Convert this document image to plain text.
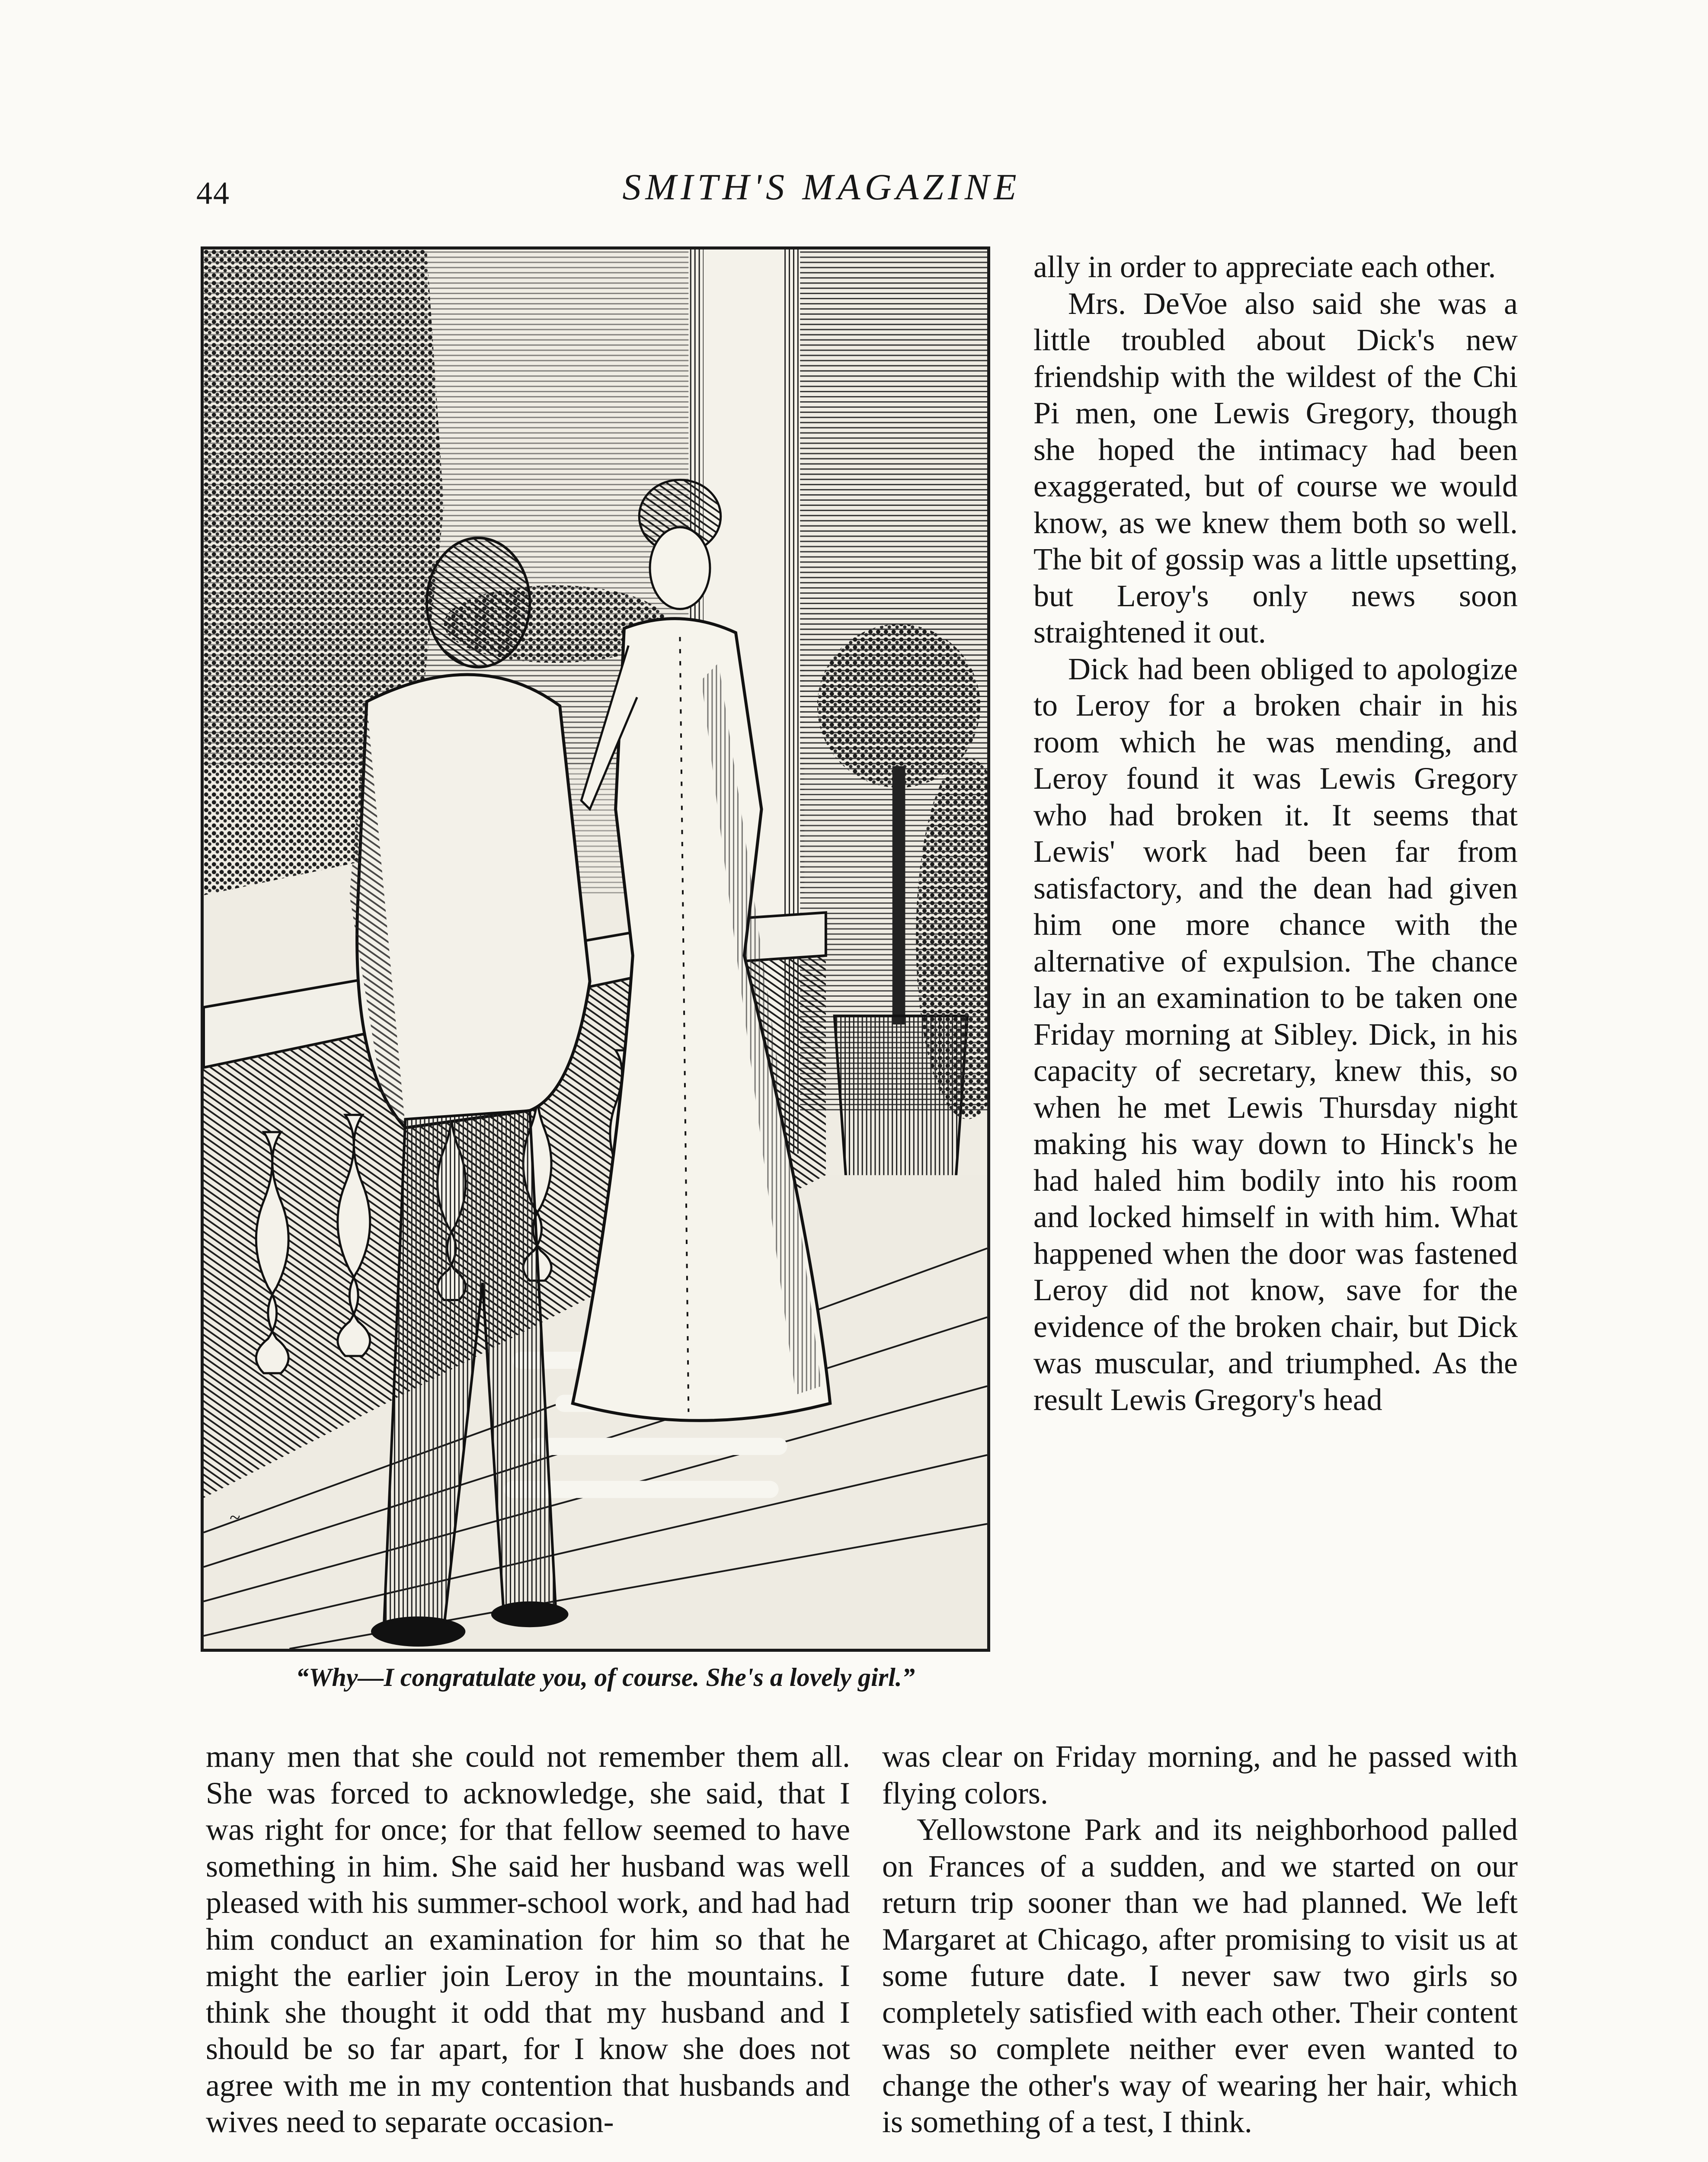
44	SMITH'S MAGAZINE
~
“Why—I congratulate you, of course. She's a lovely girl.”

ally in order to appreciate each other.

Mrs. DeVoe also said she was a little troubled about Dick's new friendship with the wildest of the Chi Pi men, one Lewis Gregory, though she hoped the intimacy had been exaggerated, but of course we would know, as we knew them both so well. The bit of gossip was a little upsetting, but Leroy's only news soon straightened it out.

Dick had been obliged to apologize to Leroy for a broken chair in his room which he was mending, and Leroy found it was Lewis Gregory who had broken it. It seems that Lewis' work had been far from satisfactory, and the dean had given him one more chance with the alternative of expulsion. The chance lay in an examination to be taken one Friday morning at Sibley. Dick, in his capacity of secretary, knew this, so when he met Lewis Thursday night making his way down to Hinck's he had haled him bodily into his room and locked himself in with him. What happened when the door was fastened Leroy did not know, save for the evidence of the broken chair, but Dick was muscular, and triumphed. As the result Lewis Gregory's head

many men that she could not remember them all. She was forced to acknowledge, she said, that I was right for once; for that fellow seemed to have something in him. She said her husband was well pleased with his summer-school work, and had had him conduct an examination for him so that he might the earlier join Leroy in the mountains. I think she thought it odd that my husband and I should be so far apart, for I know she does not agree with me in my contention that husbands and wives need to separate occasion-

was clear on Friday morning, and he passed with flying colors.

Yellowstone Park and its neighborhood palled on Frances of a sudden, and we started on our return trip sooner than we had planned. We left Margaret at Chicago, after promising to visit us at some future date. I never saw two girls so completely satisfied with each other. Their content was so complete neither ever even wanted to change the other's way of wearing her hair, which is something of a test, I think.
